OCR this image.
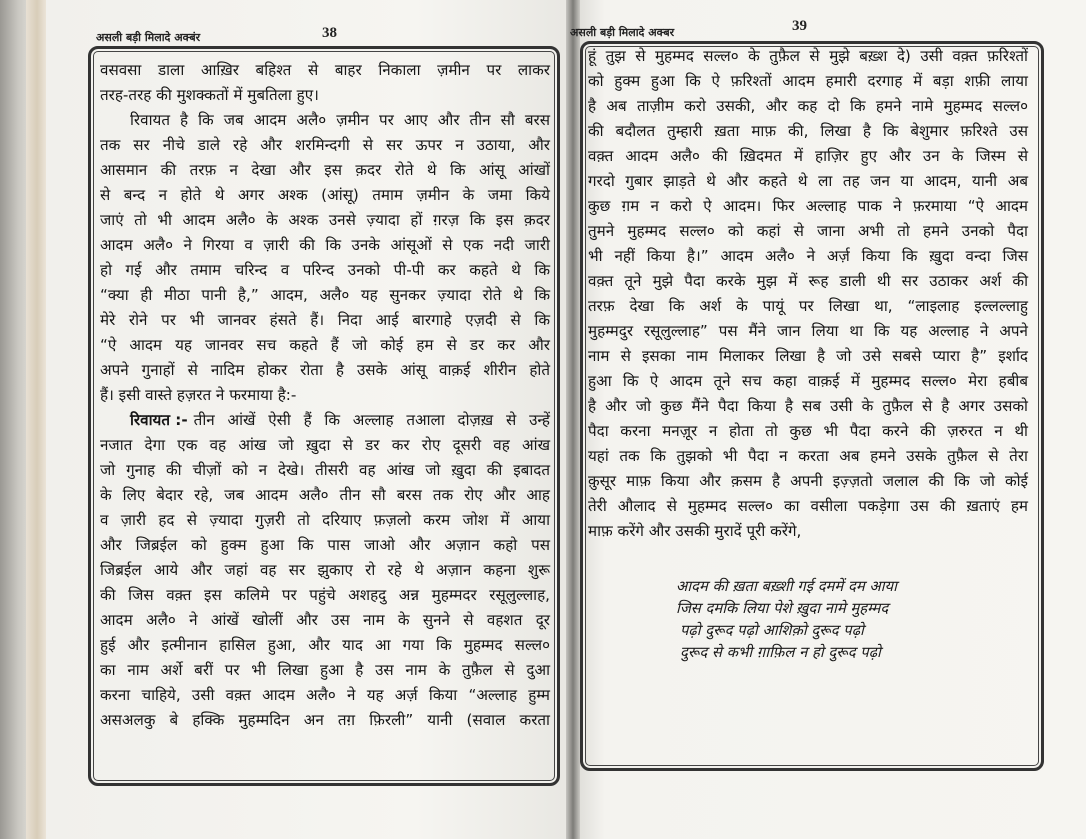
असली बड़ी मिलादे अक्बंर	38	असली बड़ी मिलादे अक्बर	39
वसवसा डाला आख़िर बहिश्त से बाहर निकाला ज़मीन पर लाकर
तरह-तरह की मुशक्कतों में मुबतिला हुए।
रिवायत है कि जब आदम अलै० ज़मीन पर आए और तीन सौ बरस
तक सर नीचे डाले रहे और शरमिन्दगी से सर ऊपर न उठाया, और
आसमान की तरफ़ न देखा और इस क़दर रोते थे कि आंसू आंखों
से बन्द न होते थे अगर अश्क (आंसू) तमाम ज़मीन के जमा किये
जाएं तो भी आदम अलै० के अश्क उनसे ज़्यादा हों ग़रज़ कि इस क़दर
आदम अलै० ने गिरया व ज़ारी की कि उनके आंसूओं से एक नदी जारी
हो गई और तमाम चरिन्द व परिन्द उनको पी-पी कर कहते थे कि
“क्या ही मीठा पानी है,” आदम, अलै० यह सुनकर ज़्यादा रोते थे कि
मेरे रोने पर भी जानवर हंसते हैं। निदा आई बारगाहे एज़दी से कि
“ऐ आदम यह जानवर सच कहते हैं जो कोई हम से डर कर और
अपने गुनाहों से नादिम होकर रोता है उसके आंसू वाक़ई शीरीन होते
हैं। इसी वास्ते हज़रत ने फरमाया है:-
रिवायत :- तीन आंखें ऐसी हैं कि अल्लाह तआला दोज़ख़ से उन्हें
नजात देगा एक वह आंख जो ख़ुदा से डर कर रोए दूसरी वह आंख
जो गुनाह की चीज़ों को न देखे। तीसरी वह आंख जो ख़ुदा की इबादत
के लिए बेदार रहे, जब आदम अलै० तीन सौ बरस तक रोए और आह
व ज़ारी हद से ज़्यादा गुज़री तो दरियाए फ़ज़लो करम जोश में आया
और जिब्रईल को हुक्म हुआ कि पास जाओ और अज़ान कहो पस
जिब्रईल आये और जहां वह सर झुकाए रो रहे थे अज़ान कहना शुरू
की जिस वक़्त इस कलिमे पर पहुंचे अशहदु अन्न मुहम्मदर रसूलुल्लाह,
आदम अलै० ने आंखें खोलीं और उस नाम के सुनने से वहशत दूर
हुई और इत्मीनान हासिल हुआ, और याद आ गया कि मुहम्मद सल्ल०
का नाम अर्शे बरीं पर भी लिखा हुआ है उस नाम के तुफ़ैल से दुआ
करना चाहिये, उसी वक़्त आदम अलै० ने यह अर्ज़ किया “अल्लाह हुम्म
असअलकु बे हक्कि मुहम्मदिन अन तग़ फ़िरली” यानी (सवाल करता
हूं तुझ से मुहम्मद सल्ल० के तुफ़ैल से मुझे बख़्श दे) उसी वक़्त फ़रिश्तों
को हुक्म हुआ कि ऐ फ़रिश्तों आदम हमारी दरगाह में बड़ा शफ़ी लाया
है अब ताज़ीम करो उसकी, और कह दो कि हमने नामे मुहम्मद सल्ल०
की बदौलत तुम्हारी ख़ता माफ़ की, लिखा है कि बेशुमार फ़रिश्ते उस
वक़्त आदम अलै० की ख़िदमत में हाज़िर हुए और उन के जिस्म से
गरदो गुबार झाड़ते थे और कहते थे ला तह जन या आदम, यानी अब
कुछ ग़म न करो ऐ आदम। फिर अल्लाह पाक ने फ़रमाया “ऐ आदम
तुमने मुहम्मद सल्ल० को कहां से जाना अभी तो हमने उनको पैदा
भी नहीं किया है।” आदम अलै० ने अर्ज़ किया कि ख़ुदा वन्दा जिस
वक़्त तूने मुझे पैदा करके मुझ में रूह डाली थी सर उठाकर अर्श की
तरफ़ देखा कि अर्श के पायूं पर लिखा था, “लाइलाह इल्लल्लाहु
मुहम्मदुर रसूलुल्लाह” पस मैंने जान लिया था कि यह अल्लाह ने अपने
नाम से इसका नाम मिलाकर लिखा है जो उसे सबसे प्यारा है” इर्शाद
हुआ कि ऐ आदम तूने सच कहा वाक़ई में मुहम्मद सल्ल० मेरा हबीब
है और जो कुछ मैंने पैदा किया है सब उसी के तुफ़ैल से है अगर उसको
पैदा करना मनज़ूर न होता तो कुछ भी पैदा करने की ज़रुरत न थी
यहां तक कि तुझको भी पैदा न करता अब हमने उसके तुफ़ैल से तेरा
क़ुसूर माफ़ किया और क़सम है अपनी इज़्ज़तो जलाल की कि जो कोई
तेरी औलाद से मुहम्मद सल्ल० का वसीला पकड़ेगा उस की ख़ताएं हम
माफ़ करेंगे और उसकी मुरादें पूरी करेंगे,
आदम की ख़ता बख़्शी गई दममें दम आया
जिस दमकि लिया पेशे ख़ुदा नामे मुहम्मद
पढ़ो दुरूद पढ़ो आशिक़ो दुरूद पढ़ो
दुरूद से कभी ग़ाफ़िल न हो दुरूद पढ़ो
